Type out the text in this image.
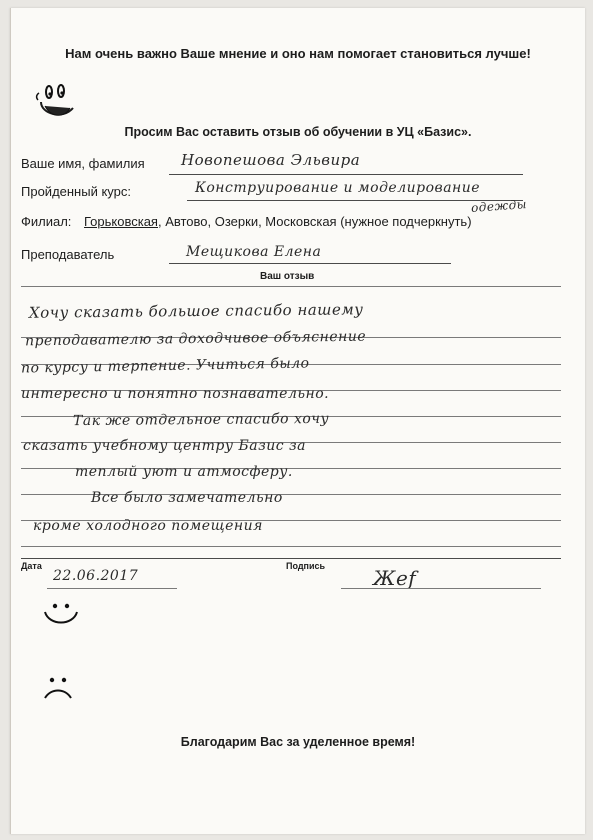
Нам очень важно Ваше мнение и оно нам помогает становиться лучше!
Просим Вас оставить отзыв об обучении в УЦ «Базис».
Ваше имя, фамилия Новопешова Эльвира
Пройденный курс:	Конструирование и моделирование
одежды
Филиал: Горьковская, Автово, Озерки, Московская (нужное подчеркнуть)
Преподаватель	Мещикова Елена
Ваш отзыв
Хочу сказать большое спасибо нашему
преподавателю за доходчивое объяснение
по курсу и терпение. Учиться было
интересно и понятно познавательно.
Так же отдельное спасибо хочу
сказать учебному центру Базис за
теплый уют и атмосферу.
Все было замечательно
кроме холодного помещения
Дата
22.06.2017
Подпись Жеf
Благодарим Вас за уделенное время!
